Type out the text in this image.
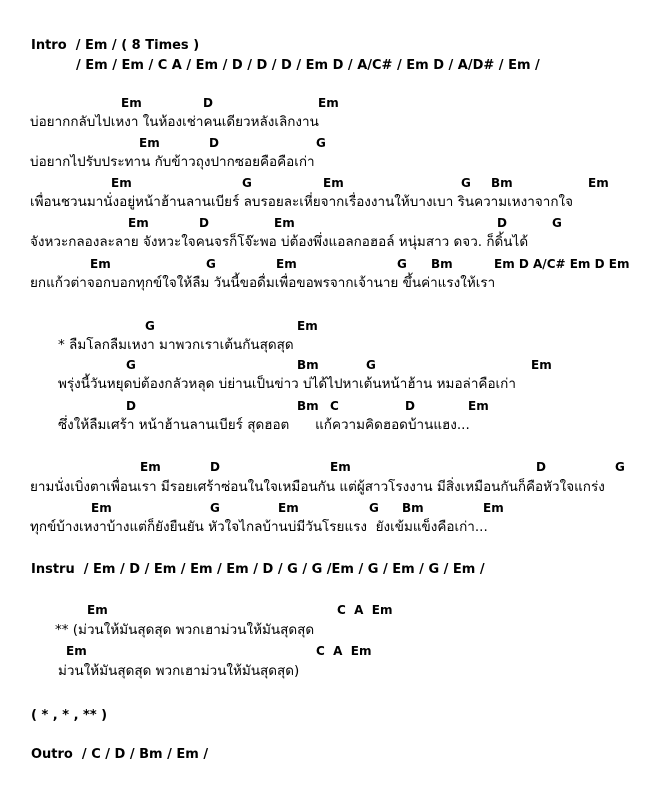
Intro  / Em / ( 8 Times )
/ Em / Em / C A / Em / D / D / D / Em D / A/C# / Em D / A/D# / Em /
Em	D	Em
บ่อยากกลับไปเหงา ในห้องเช่าคนเดียวหลังเลิกงาน
Em	D	G
บ่อยากไปรับประทาน กับข้าวถุงปากซอยคือคือเก่า
Em	G	Em	G Bm	Em
เพื่อนชวนมานั่งอยู่หน้าฮ้านลานเบียร์ ลบรอยละเหี่ยจากเรื่องงานให้บางเบา รินความเหงาจากใจ
Em	D	Em	D	G
จังหวะกลองละลาย จังหวะใจคนจรก็โจ๊ะพอ บ่ต้องพึ่งแอลกอฮอล์ หนุ่มสาว ดจว. ก็ดิ้นได้
Em	G	Em	G Bm	Em D A/C# Em D Em
ยกแก้วต่าจอกบอกทุกข์ใจให้ลืม วันนี้ขอดื่มเพื่อขอพรจากเจ้านาย ขึ้นค่าแรงให้เรา
G	Em
* ลืมโลกลืมเหงา มาพวกเราเต้นกันสุดสุด
G	Bm	G	Em
พรุ่งนี้วันหยุดบ่ต้องกลัวหลุด บ่ย่านเป็นข่าว บ่ได้ไปหาเต้นหน้าฮ้าน หมอล่าคือเก่า
D	Bm C	D	Em
ซึ่งให้ลืมเศร้า หน้าฮ้านลานเบียร์ สุดฮอต      แก้ความคิดฮอดบ้านแฮง...
Em	D	Em	D	G
ยามนั่งเบิ่งตาเพื่อนเรา มีรอยเศร้าซ่อนในใจเหมือนกัน แต่ผู้สาวโรงงาน มีสิ่งเหมือนกันก็คือหัวใจแกร่ง
Em	G	Em	G Bm	Em
ทุกข์บ้างเหงาบ้างแต่ก็ยังยืนยัน หัวใจไกลบ้านบ่มีวันโรยแรง  ยังเข้มแข็งคือเก่า...
Instru  / Em / D / Em / Em / Em / D / G / G /Em / G / Em / G / Em /
Em	C  A  Em
** (ม่วนให้มันสุดสุด พวกเฮาม่วนให้มันสุดสุด
Em	C  A  Em
ม่วนให้มันสุดสุด พวกเฮาม่วนให้มันสุดสุด)
( * , * , ** )
Outro  / C / D / Bm / Em /
